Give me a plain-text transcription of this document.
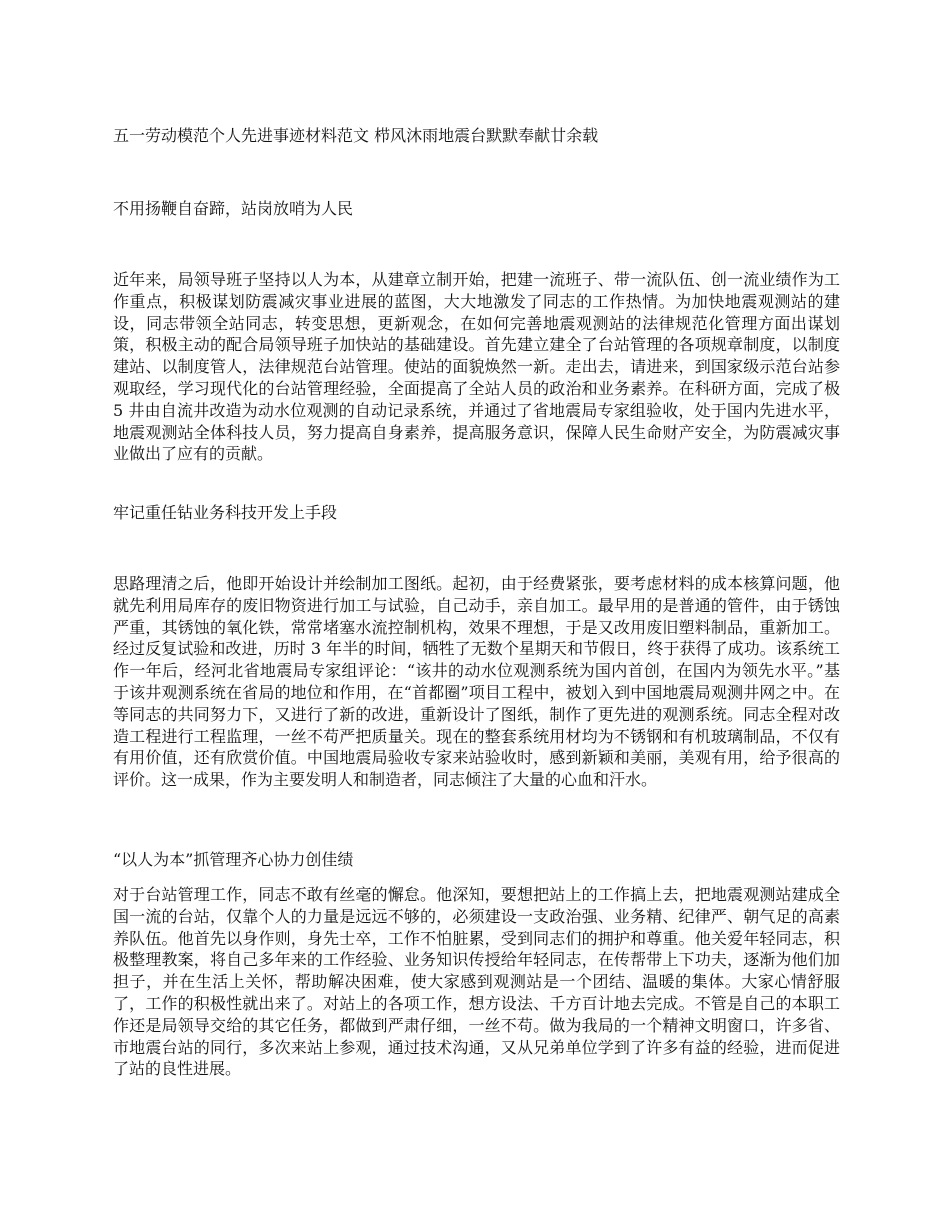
五一劳动模范个人先进事迹材料范文 栉风沐雨地震台默默奉献廿余载
不用扬鞭自奋蹄，站岗放哨为人民
近年来，局领导班子坚持以人为本，从建章立制开始，把建一流班子、带一流队伍、创一流业绩作为工作重点，积极谋划防震减灾事业进展的蓝图，大大地激发了同志的工作热情。为加快地震观测站的建设，同志带领全站同志，转变思想，更新观念，在如何完善地震观测站的法律规范化管理方面出谋划策，积极主动的配合局领导班子加快站的基础建设。首先建立建全了台站管理的各项规章制度，以制度建站、以制度管人，法律规范台站管理。使站的面貌焕然一新。走出去，请进来，到国家级示范台站参观取经，学习现代化的台站管理经验，全面提高了全站人员的政治和业务素养。在科研方面，完成了极 5 井由自流井改造为动水位观测的自动记录系统，并通过了省地震局专家组验收，处于国内先进水平，地震观测站全体科技人员，努力提高自身素养，提高服务意识，保障人民生命财产安全，为防震减灾事业做出了应有的贡献。
牢记重任钻业务科技开发上手段
思路理清之后，他即开始设计并绘制加工图纸。起初，由于经费紧张，要考虑材料的成本核算问题，他就先利用局库存的废旧物资进行加工与试验，自己动手，亲自加工。最早用的是普通的管件，由于锈蚀严重，其锈蚀的氧化铁，常常堵塞水流控制机构，效果不理想，于是又改用废旧塑料制品，重新加工。经过反复试验和改进，历时 3 年半的时间，牺牲了无数个星期天和节假日，终于获得了成功。该系统工作一年后，经河北省地震局专家组评论：“该井的动水位观测系统为国内首创，在国内为领先水平。”基于该井观测系统在省局的地位和作用，在“首都圈”项目工程中，被划入到中国地震局观测井网之中。在等同志的共同努力下，又进行了新的改进，重新设计了图纸，制作了更先进的观测系统。同志全程对改造工程进行工程监理，一丝不苟严把质量关。现在的整套系统用材均为不锈钢和有机玻璃制品，不仅有有用价值，还有欣赏价值。中国地震局验收专家来站验收时，感到新颖和美丽，美观有用，给予很高的评价。这一成果，作为主要发明人和制造者，同志倾注了大量的心血和汗水。
“以人为本”抓管理齐心协力创佳绩
对于台站管理工作，同志不敢有丝毫的懈怠。他深知，要想把站上的工作搞上去，把地震观测站建成全国一流的台站，仅靠个人的力量是远远不够的，必须建设一支政治强、业务精、纪律严、朝气足的高素养队伍。他首先以身作则，身先士卒，工作不怕脏累，受到同志们的拥护和尊重。他关爱年轻同志，积极整理教案，将自己多年来的工作经验、业务知识传授给年轻同志，在传帮带上下功夫，逐渐为他们加担子，并在生活上关怀，帮助解决困难，使大家感到观测站是一个团结、温暖的集体。大家心情舒服了，工作的积极性就出来了。对站上的各项工作，想方设法、千方百计地去完成。不管是自己的本职工作还是局领导交给的其它任务，都做到严肃仔细，一丝不苟。做为我局的一个精神文明窗口，许多省、市地震台站的同行，多次来站上参观，通过技术沟通，又从兄弟单位学到了许多有益的经验，进而促进了站的良性进展。
